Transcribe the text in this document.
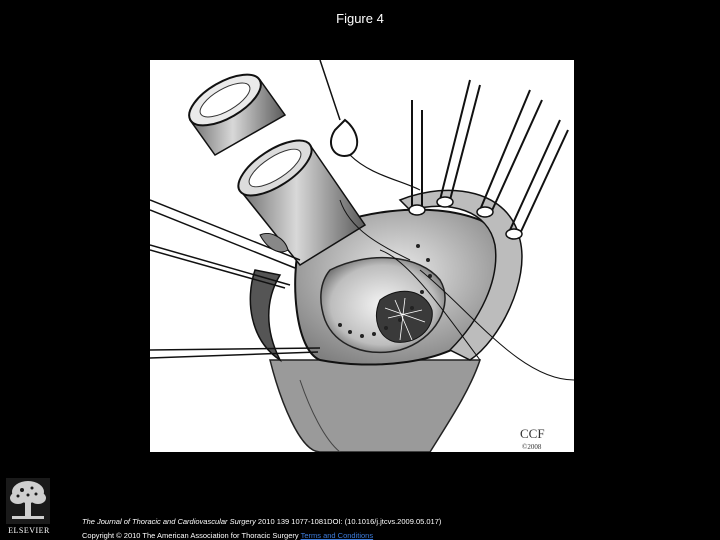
Figure 4
CCF
©2008
ELSEVIER
The Journal of Thoracic and Cardiovascular Surgery 2010 139 1077-1081DOI: (10.1016/j.jtcvs.2009.05.017)
Copyright © 2010 The American Association for Thoracic Surgery Terms and Conditions
